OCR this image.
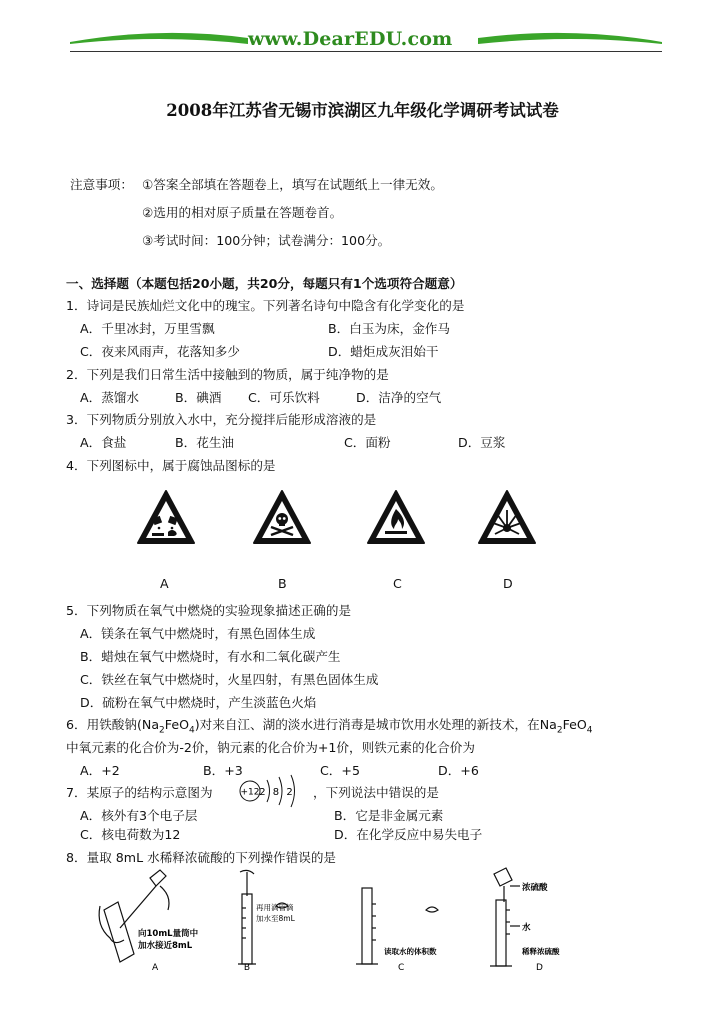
www.DearEDU.com
2008年江苏省无锡市滨湖区九年级化学调研考试试卷
注意事项： ①答案全部填在答题卷上，填写在试题纸上一律无效。
②选用的相对原子质量在答题卷首。
③考试时间：100分钟；试卷满分：100分。
一、选择题（本题包括20小题，共20分，每题只有1个选项符合题意）
1．诗词是民族灿烂文化中的瑰宝。下列著名诗句中隐含有化学变化的是
A．千里冰封，万里雪飘	B．白玉为床，金作马
C．夜来风雨声，花落知多少	D．蜡炬成灰泪始干
2．下列是我们日常生活中接触到的物质，属于纯净物的是
A．蒸馏水	B．碘酒 C．可乐饮料	D．洁净的空气
3．下列物质分别放入水中，充分搅拌后能形成溶液的是
A．食盐	B．花生油	C．面粉	D．豆浆
4．下列图标中，属于腐蚀品图标的是
A	B	C	D
5．下列物质在氧气中燃烧的实验现象描述正确的是
A．镁条在氧气中燃烧时，有黑色固体生成
B．蜡烛在氧气中燃烧时，有水和二氧化碳产生
C．铁丝在氧气中燃烧时，火星四射，有黑色固体生成
D．硫粉在氧气中燃烧时，产生淡蓝色火焰
6．用铁酸钠$(Na_2FeO_4)$对来自江、湖的淡水进行消毒是城市饮用水处理的新技术，在$Na_2FeO_4$
中氧元素的化合价为-2价，钠元素的化合价为+1价，则铁元素的化合价为
A．+2	B．+3	C．+5	D．+6
7．某原子的结构示意图为	+12 2 8 2 ，下列说法中错误的是
A．核外有3个电子层	B．它是非金属元素
C．核电荷数为12	D．在化学反应中易失电子
8．量取 8mL 水稀释浓硫酸的下列操作错误的是
向10mL量筒中
加水接近8mL
A
再用滴管滴
加水至8mL
B
读取水的体积数
C
浓硫酸
水
稀释浓硫酸
D
